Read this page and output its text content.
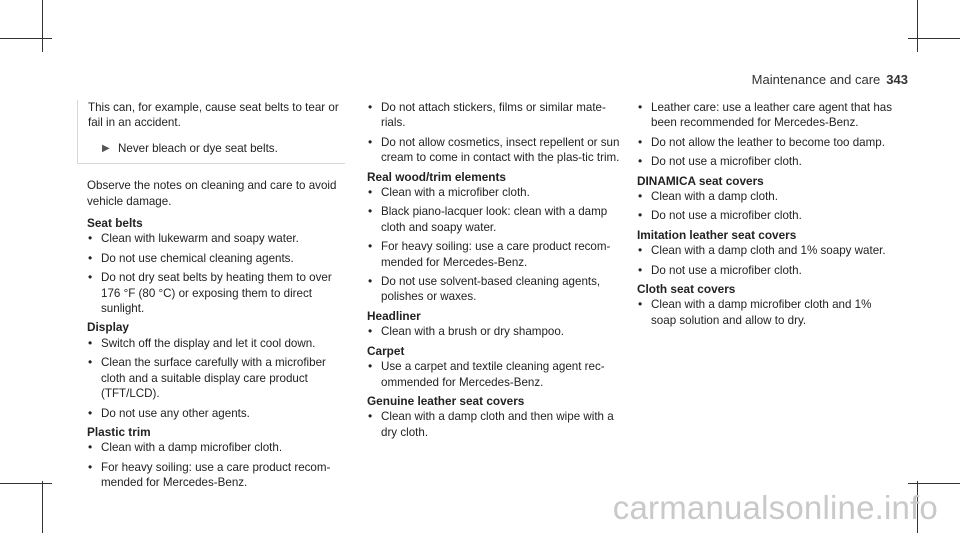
Maintenance and care 343

This can, for example, cause seat belts to tear or fail in an accident.

▶ Never bleach or dye seat belts.

Observe the notes on cleaning and care to avoid vehicle damage.

Seat belts
• Clean with lukewarm and soapy water.
• Do not use chemical cleaning agents.
• Do not dry seat belts by heating them to over 176 °F (80 °C) or exposing them to direct sunlight.
Display
• Switch off the display and let it cool down.
• Clean the surface carefully with a microfiber cloth and a suitable display care product (TFT/LCD).
• Do not use any other agents.
Plastic trim
• Clean with a damp microfiber cloth.
• For heavy soiling: use a care product recom-mended for Mercedes-Benz.
• Do not attach stickers, films or similar mate-rials.
• Do not allow cosmetics, insect repellent or sun cream to come in contact with the plas-tic trim.
Real wood/trim elements
• Clean with a microfiber cloth.
• Black piano-lacquer look: clean with a damp cloth and soapy water.
• For heavy soiling: use a care product recom-mended for Mercedes-Benz.
• Do not use solvent-based cleaning agents, polishes or waxes.
Headliner
• Clean with a brush or dry shampoo.
Carpet
• Use a carpet and textile cleaning agent rec-ommended for Mercedes-Benz.
Genuine leather seat covers
• Clean with a damp cloth and then wipe with a dry cloth.
• Leather care: use a leather care agent that has been recommended for Mercedes-Benz.
• Do not allow the leather to become too damp.
• Do not use a microfiber cloth.
DINAMICA seat covers
• Clean with a damp cloth.
• Do not use a microfiber cloth.
Imitation leather seat covers
• Clean with a damp cloth and 1% soapy water.
• Do not use a microfiber cloth.
Cloth seat covers
• Clean with a damp microfiber cloth and 1% soap solution and allow to dry.
carmanualsonline.info
